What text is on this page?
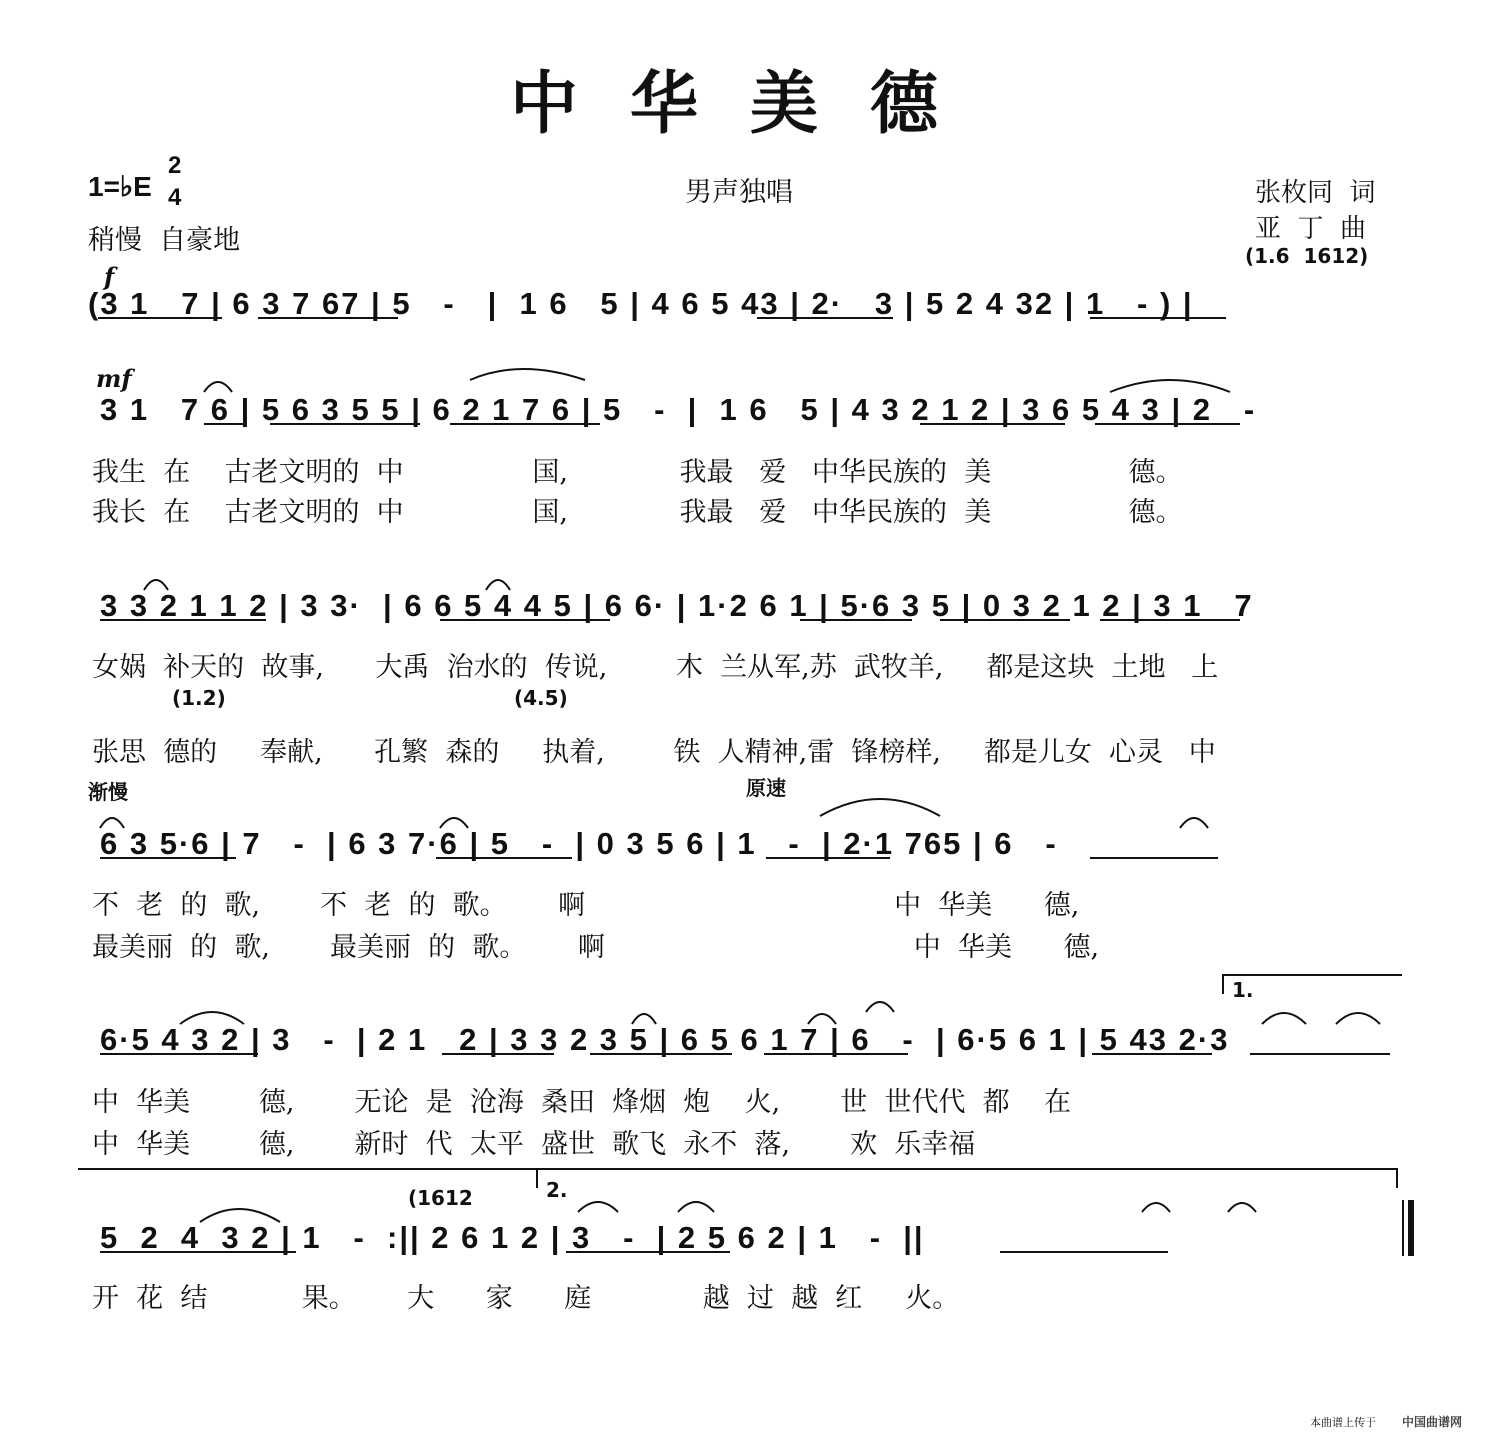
中华美德
1=♭E
2
4
稍慢  自豪地
男声独唱	张枚同  词
亚  丁  曲
(1.6  1612)
f
(3 1   7 | 6 3 7 67 | 5   -   |  1 6   5 | 4 6 5 43 | 2·   3 | 5 2 4 32 | 1   - ) |
mf
3 1   7 6 | 5 6 3 5 5 | 6 2 1 7 6 | 5   -  |  1 6   5 | 4 3 2 1 2 | 3 6 5 4 3 | 2   -
我生  在    古老文明的  中               国,             我最   爱   中华民族的  美                德。
我长  在    古老文明的  中               国,             我最   爱   中华民族的  美                德。
3 3 2 1 1 2 | 3 3·  | 6 6 5 4 4 5 | 6 6· | 1·2 6 1 | 5·6 3 5 | 0 3 2 1 2 | 3 1   7
女娲  补天的  故事,      大禹  治水的  传说,        木  兰从军,苏  武牧羊,     都是这块  土地   上
(1.2)	(4.5)
张思  德的     奉献,      孔繁  森的     执着,        铁  人精神,雷  锋榜样,     都是儿女  心灵   中
渐慢	原速
6 3 5·6 | 7   -  | 6 3 7·6 | 5   -  | 0 3 5 6 | 1   -  | 2·1 765 | 6   -
不  老  的  歌,       不  老  的  歌。      啊                                    中  华美      德,
最美丽  的  歌,       最美丽  的  歌。      啊                                    中  华美      德,
1.
6·5 4 3 2 | 3   -  | 2 1   2 | 3 3 2 3 5 | 6 5 6 1 7 | 6   -  | 6·5 6 1 | 5 43 2·3
中  华美        德,       无论  是  沧海  桑田  烽烟  炮    火,       世  世代代  都    在
中  华美        德,       新时  代  太平  盛世  歌飞  永不  落,       欢  乐幸福
(1612	2.
5  2  4  3 2 | 1   -  :|| 2 6 1 2 | 3   -  | 2 5 6 2 | 1   -  ||
开  花  结           果。      大      家      庭             越  过  越  红     火。
本曲谱上传于 中国曲谱网
